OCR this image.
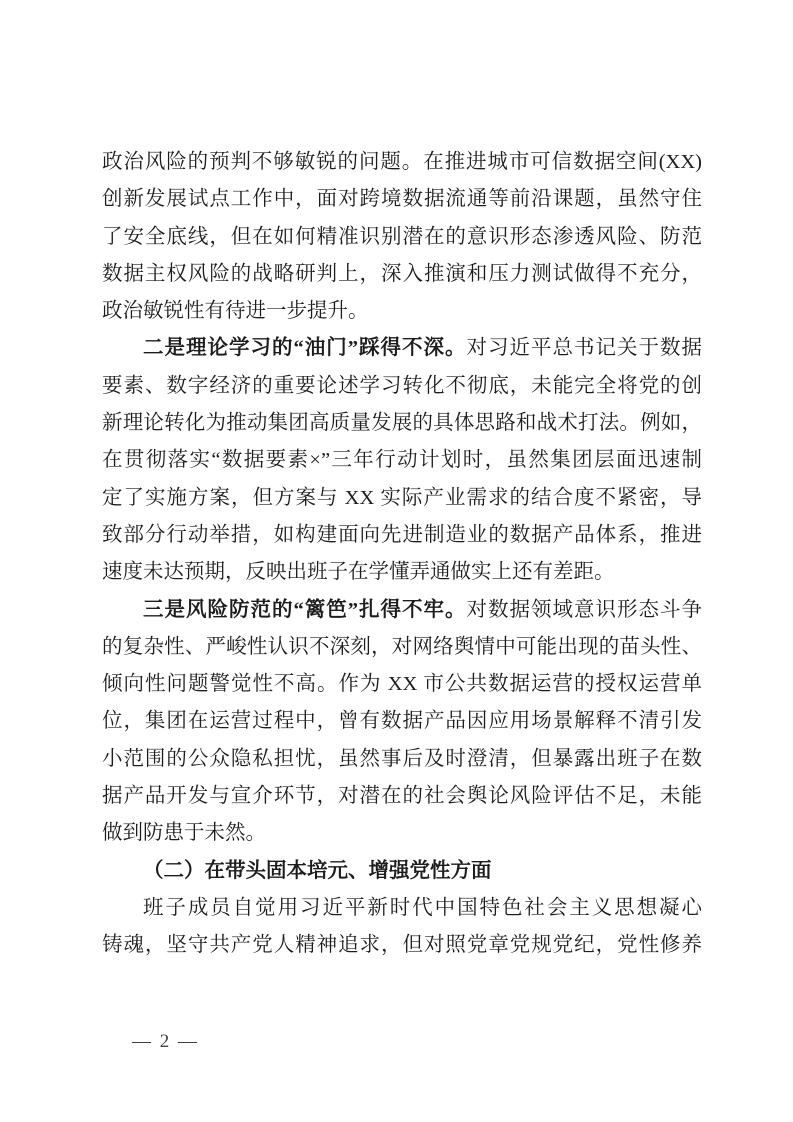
政治风险的预判不够敏锐的问题。在推进城市可信数据空间(XX)
创新发展试点工作中，面对跨境数据流通等前沿课题，虽然守住
了安全底线，但在如何精准识别潜在的意识形态渗透风险、防范
数据主权风险的战略研判上，深入推演和压力测试做得不充分，
政治敏锐性有待进一步提升。
二是理论学习的“油门”踩得不深。对习近平总书记关于数据
要素、数字经济的重要论述学习转化不彻底，未能完全将党的创
新理论转化为推动集团高质量发展的具体思路和战术打法。例如，
在贯彻落实“数据要素×”三年行动计划时，虽然集团层面迅速制
定了实施方案，但方案与 XX 实际产业需求的结合度不紧密，导
致部分行动举措，如构建面向先进制造业的数据产品体系，推进
速度未达预期，反映出班子在学懂弄通做实上还有差距。
三是风险防范的“篱笆”扎得不牢。对数据领域意识形态斗争
的复杂性、严峻性认识不深刻，对网络舆情中可能出现的苗头性、
倾向性问题警觉性不高。作为 XX 市公共数据运营的授权运营单
位，集团在运营过程中，曾有数据产品因应用场景解释不清引发
小范围的公众隐私担忧，虽然事后及时澄清，但暴露出班子在数
据产品开发与宣介环节，对潜在的社会舆论风险评估不足，未能
做到防患于未然。
（二）在带头固本培元、增强党性方面
班子成员自觉用习近平新时代中国特色社会主义思想凝心
铸魂，坚守共产党人精神追求，但对照党章党规党纪，党性修养
— 2 —
